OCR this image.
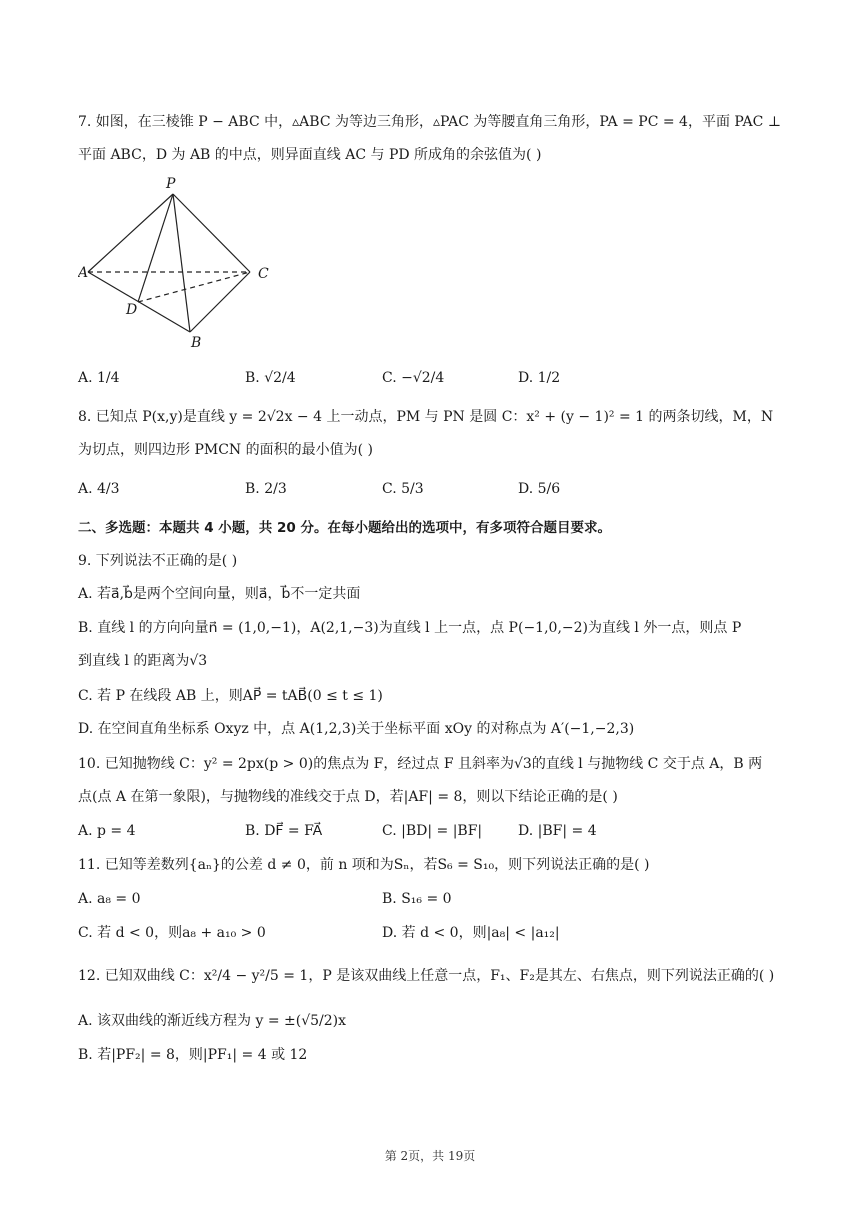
7. 如图，在三棱锥 P − ABC 中，▵ABC 为等边三角形，▵PAC 为等腰直角三角形，PA = PC = 4，平面 PAC ⊥
平面 ABC，D 为 AB 的中点，则异面直线 AC 与 PD 所成角的余弦值为( )
P
A	C
D
B
A. 1/4	B. √2/4	C. −√2/4	D. 1/2
8. 已知点 P(x,y)是直线 y = 2√2x − 4 上一动点，PM 与 PN 是圆 C：x² + (y − 1)² = 1 的两条切线，M，N
为切点，则四边形 PMCN 的面积的最小值为( )
A. 4/3	B. 2/3	C. 5/3	D. 5/6
二、多选题：本题共 4 小题，共 20 分。在每小题给出的选项中，有多项符合题目要求。
9. 下列说法不正确的是( )
A. 若a⃗,b⃗是两个空间向量，则a⃗，b⃗不一定共面
B. 直线 l 的方向向量n⃗ = (1,0,−1)，A(2,1,−3)为直线 l 上一点，点 P(−1,0,−2)为直线 l 外一点，则点 P
到直线 l 的距离为√3
C. 若 P 在线段 AB 上，则AP⃗ = tAB⃗(0 ≤ t ≤ 1)
D. 在空间直角坐标系 Oxyz 中，点 A(1,2,3)关于坐标平面 xOy 的对称点为 A′(−1,−2,3)
10. 已知抛物线 C：y² = 2px(p > 0)的焦点为 F，经过点 F 且斜率为√3的直线 l 与抛物线 C 交于点 A，B 两
点(点 A 在第一象限)，与抛物线的准线交于点 D，若|AF| = 8，则以下结论正确的是( )
A. p = 4	B. DF⃗ = FA⃗	C. |BD| = |BF|	D. |BF| = 4
11. 已知等差数列{aₙ}的公差 d ≠ 0，前 n 项和为Sₙ，若S₆ = S₁₀，则下列说法正确的是( )
A. a₈ = 0	B. S₁₆ = 0
C. 若 d < 0，则a₈ + a₁₀ > 0	D. 若 d < 0，则|a₈| < |a₁₂|
12. 已知双曲线 C：x²/4 − y²/5 = 1，P 是该双曲线上任意一点，F₁、F₂是其左、右焦点，则下列说法正确的( )
A. 该双曲线的渐近线方程为 y = ±(√5/2)x
B. 若|PF₂| = 8，则|PF₁| = 4 或 12
第 2页，共 19页
